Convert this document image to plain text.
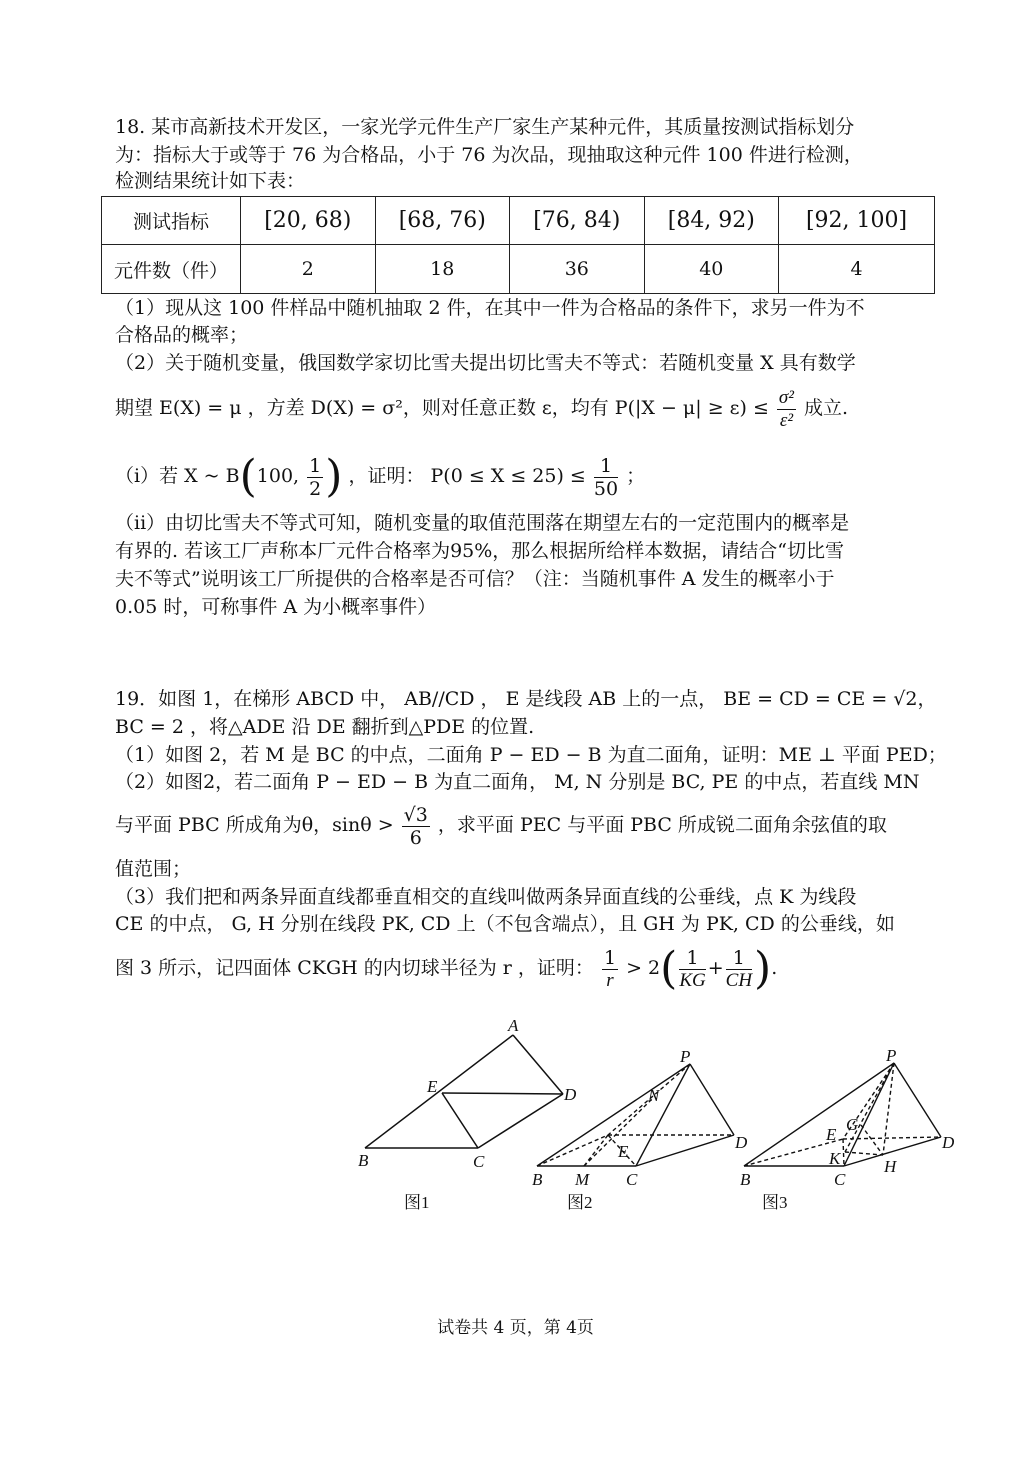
18. 某市高新技术开发区，一家光学元件生产厂家生产某种元件，其质量按测试指标划分
为：指标大于或等于 76 为合格品，小于 76 为次品，现抽取这种元件 100 件进行检测，
检测结果统计如下表：
测试指标	[20, 68)	[68, 76)	[76, 84)	[84, 92)	[92, 100]
元件数（件）	2	18	36	40	4
（1）现从这 100 件样品中随机抽取 2 件，在其中一件为合格品的条件下，求另一件为不
合格品的概率；
（2）关于随机变量，俄国数学家切比雪夫提出切比雪夫不等式：若随机变量 X 具有数学
期望 E(X) = μ ，方差 D(X) = σ²，则对任意正数 ε，均有 $P(|X - \mu| \ge \varepsilon) \le \frac{\text{σ²}}{\text{ε²}}$ 成立.
（i）若 X ~ B(100, $\frac{1}{2}$ ) ，证明： $P(0 \le X \le 25) \le \frac{1}{50}$ ；
（ii）由切比雪夫不等式可知，随机变量的取值范围落在期望左右的一定范围内的概率是
有界的. 若该工厂声称本厂元件合格率为95%，那么根据所给样本数据，请结合“切比雪
夫不等式”说明该工厂所提供的合格率是否可信？（注：当随机事件 A 发生的概率小于
0.05 时，可称事件 A 为小概率事件）
19．如图 1，在梯形 ABCD 中， AB//CD ， E 是线段 AB 上的一点， BE = CD = CE = √2，
BC = 2 ，将△ADE 沿 DE 翻折到△PDE 的位置.
（1）如图 2，若 M 是 BC 的中点，二面角 P − ED − B 为直二面角，证明：ME ⊥ 平面 PED；
（2）如图2，若二面角 P − ED − B 为直二面角， M, N 分别是 BC, PE 的中点，若直线 MN
与平面 PBC 所成角为θ，$\sin\theta > \frac{√3}{6}$ ，求平面 PEC 与平面 PBC 所成锐二面角余弦值的取
值范围；
（3）我们把和两条异面直线都垂直相交的直线叫做两条异面直线的公垂线，点 K 为线段
CE 的中点， G, H 分别在线段 PK, CD 上（不包含端点），且 GH 为 PK, CD 的公垂线，如
图 3 所示，记四面体 CKGH 的内切球半径为 r ，证明： $\frac{1}{r} > 2( \frac{1}{KG} + \frac{1}{CH}$ ).
A
E	D
B	C
图1
P
N
E	D
B M C
图2
P
G
E
K	H
D
B	C
图3
试卷共 4 页，第 4页
